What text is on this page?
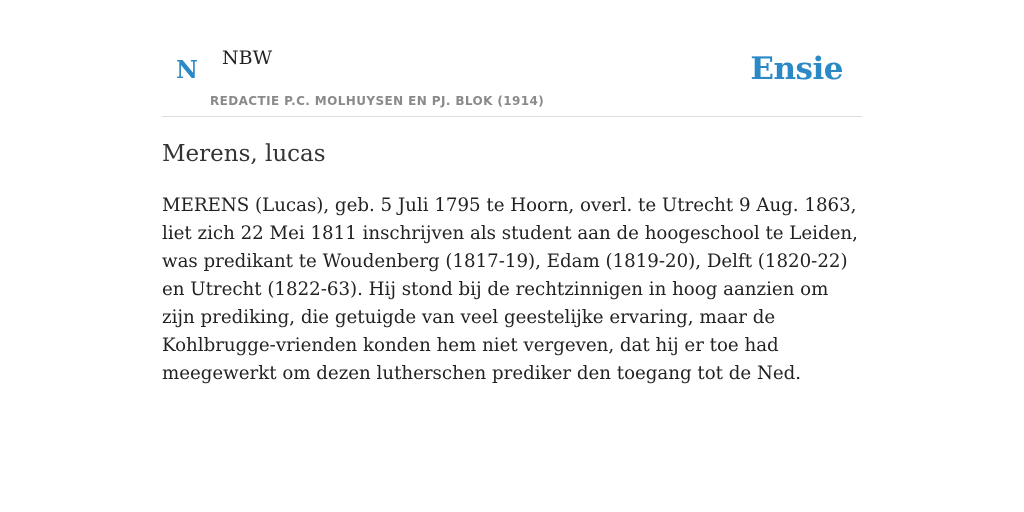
N NBW
REDACTIE P.C. MOLHUYSEN EN PJ. BLOK (1914)
Ensie
Merens, lucas

MERENS (Lucas), geb. 5 Juli 1795 te Hoorn, overl. te Utrecht 9 Aug. 1863, liet zich 22 Mei 1811 inschrijven als student aan de hoogeschool te Leiden, was predikant te Woudenberg (1817-19), Edam (1819-20), Delft (1820-22) en Utrecht (1822-63). Hij stond bij de rechtzinnigen in hoog aanzien om zijn prediking, die getuigde van veel geestelijke ervaring, maar de Kohlbrugge-vrienden konden hem niet vergeven, dat hij er toe had meegewerkt om dezen lutherschen prediker den toegang tot de Ned.
